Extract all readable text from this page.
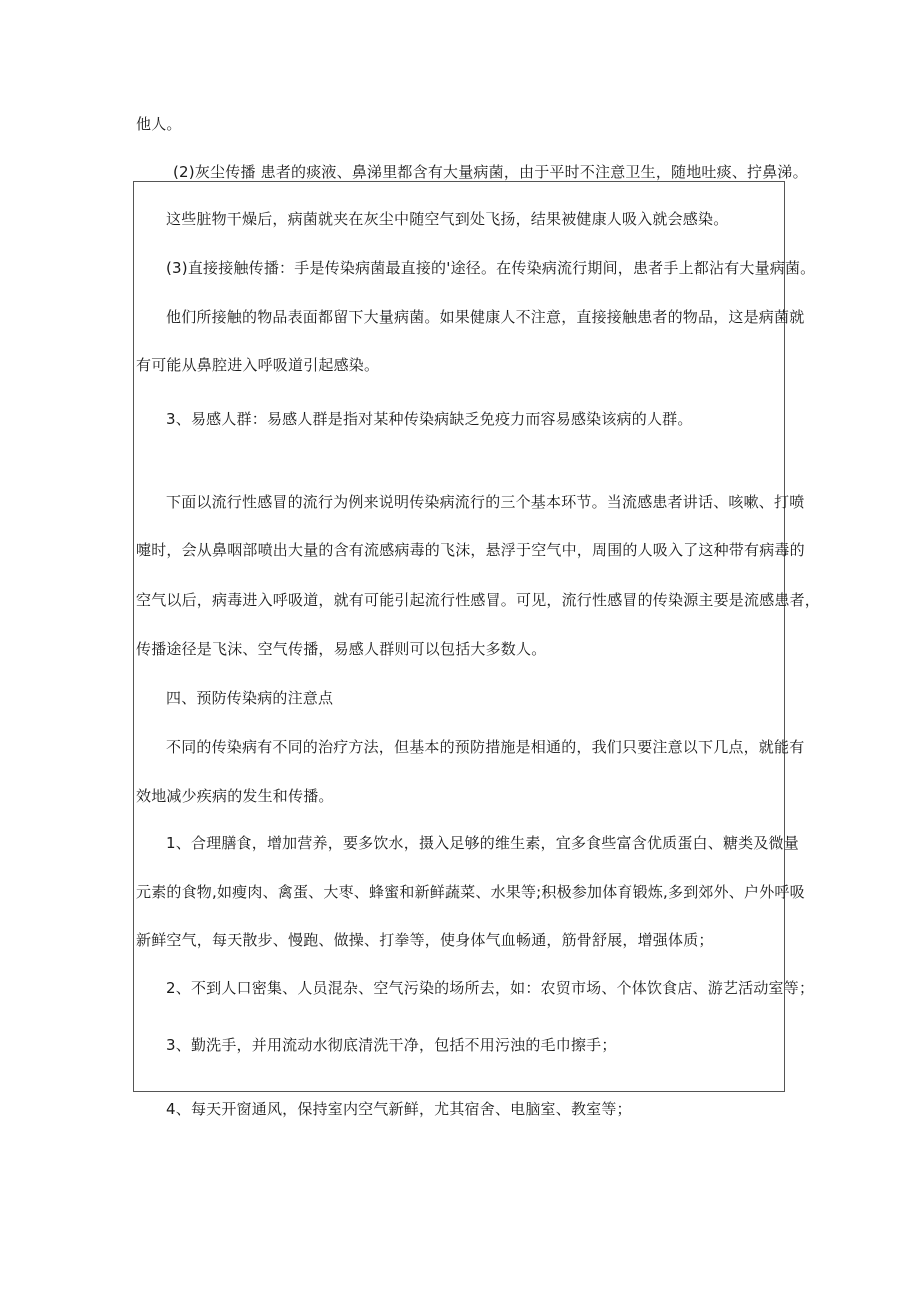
他人。
(2)灰尘传播 患者的痰液、鼻涕里都含有大量病菌，由于平时不注意卫生，随地吐痰、拧鼻涕。
这些脏物干燥后，病菌就夹在灰尘中随空气到处飞扬，结果被健康人吸入就会感染。
(3)直接接触传播：手是传染病菌最直接的'途径。在传染病流行期间，患者手上都沾有大量病菌。
他们所接触的物品表面都留下大量病菌。如果健康人不注意，直接接触患者的物品，这是病菌就
有可能从鼻腔进入呼吸道引起感染。
3、易感人群：易感人群是指对某种传染病缺乏免疫力而容易感染该病的人群。
下面以流行性感冒的流行为例来说明传染病流行的三个基本环节。当流感患者讲话、咳嗽、打喷
嚏时，会从鼻咽部喷出大量的含有流感病毒的飞沫，悬浮于空气中，周围的人吸入了这种带有病毒的
空气以后，病毒进入呼吸道，就有可能引起流行性感冒。可见，流行性感冒的传染源主要是流感患者，
传播途径是飞沫、空气传播，易感人群则可以包括大多数人。
四、预防传染病的注意点
不同的传染病有不同的治疗方法，但基本的预防措施是相通的，我们只要注意以下几点，就能有
效地减少疾病的发生和传播。
1、合理膳食，增加营养，要多饮水，摄入足够的维生素，宜多食些富含优质蛋白、糖类及微量
元素的食物,如瘦肉、禽蛋、大枣、蜂蜜和新鲜蔬菜、水果等;积极参加体育锻炼,多到郊外、户外呼吸
新鲜空气，每天散步、慢跑、做操、打拳等，使身体气血畅通，筋骨舒展，增强体质；
2、不到人口密集、人员混杂、空气污染的场所去，如：农贸市场、个体饮食店、游艺活动室等；
3、勤洗手，并用流动水彻底清洗干净，包括不用污浊的毛巾擦手；
4、每天开窗通风，保持室内空气新鲜，尤其宿舍、电脑室、教室等；
